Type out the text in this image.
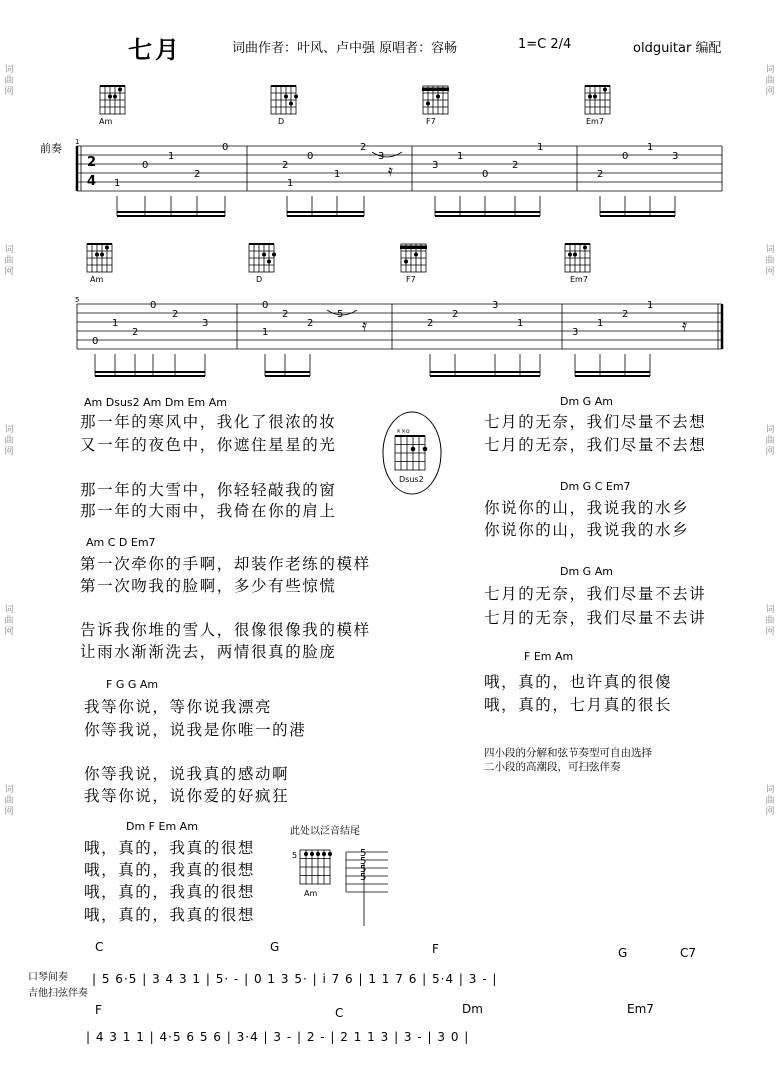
七月	词曲作者：叶风、卢中强 原唱者：容畅	1=C 2/4	oldguitar 编配
词曲网
词曲网
词曲网
词曲网
词曲网
词曲网
词曲网
词曲网
词曲网
词曲网
前奏
Am	D	F7	Em7
1
2
4 1
0
1
2
0
2
1
0
1
2
3
3
1
0
2
1
2
0
1
3
𝄿
Am	D	F7	Em7
5
0
1
2
0
2
3
1
0
2
2
5
2
2
3
1
3
1
2
1
𝄿	𝄿
Am Dsus2 Am Dm Em Am
那一年的寒风中，我化了很浓的妆
又一年的夜色中，你遮住星星的光
那一年的大雪中，你轻轻敲我的窗
那一年的大雨中，我倚在你的肩上
Am C D Em7
第一次牵你的手啊，却装作老练的模样
第一次吻我的脸啊，多少有些惊慌
告诉我你堆的雪人，很像很像我的模样
让雨水渐渐洗去，两情很真的脸庞
F G G Am
我等你说，等你说我漂亮
你等我说，说我是你唯一的港
你等我说，说我真的感动啊
我等你说，说你爱的好疯狂
Dm F Em Am
哦，真的，我真的很想
哦，真的，我真的很想
哦，真的，我真的很想
哦，真的，我真的很想
××o
Dsus2
Dm G Am
七月的无奈，我们尽量不去想
七月的无奈，我们尽量不去想
Dm G C Em7
你说你的山，我说我的水乡
你说你的山，我说我的水乡
Dm G Am
七月的无奈，我们尽量不去讲
七月的无奈，我们尽量不去讲
F Em Am
哦，真的，也许真的很傻
哦，真的，七月真的很长
四小段的分解和弦节奏型可自由选择
二小段的高潮段，可扫弦伴奏
此处以泛音结尾
5
Am
5
5
5
5
口琴间奏
吉他扫弦伴奏
C	G	F	G	C7
| 5 6·5 | 3 4 3 1 | 5· - | 0 1 3 5· | i 7 6 | 1 1 7 6 | 5·4 | 3 - |
F	C	Dm	Em7
| 4 3 1 1 | 4·5 6 5 6 | 3·4 | 3 - | 2 - | 2 1 1 3 | 3 - | 3 0 |
